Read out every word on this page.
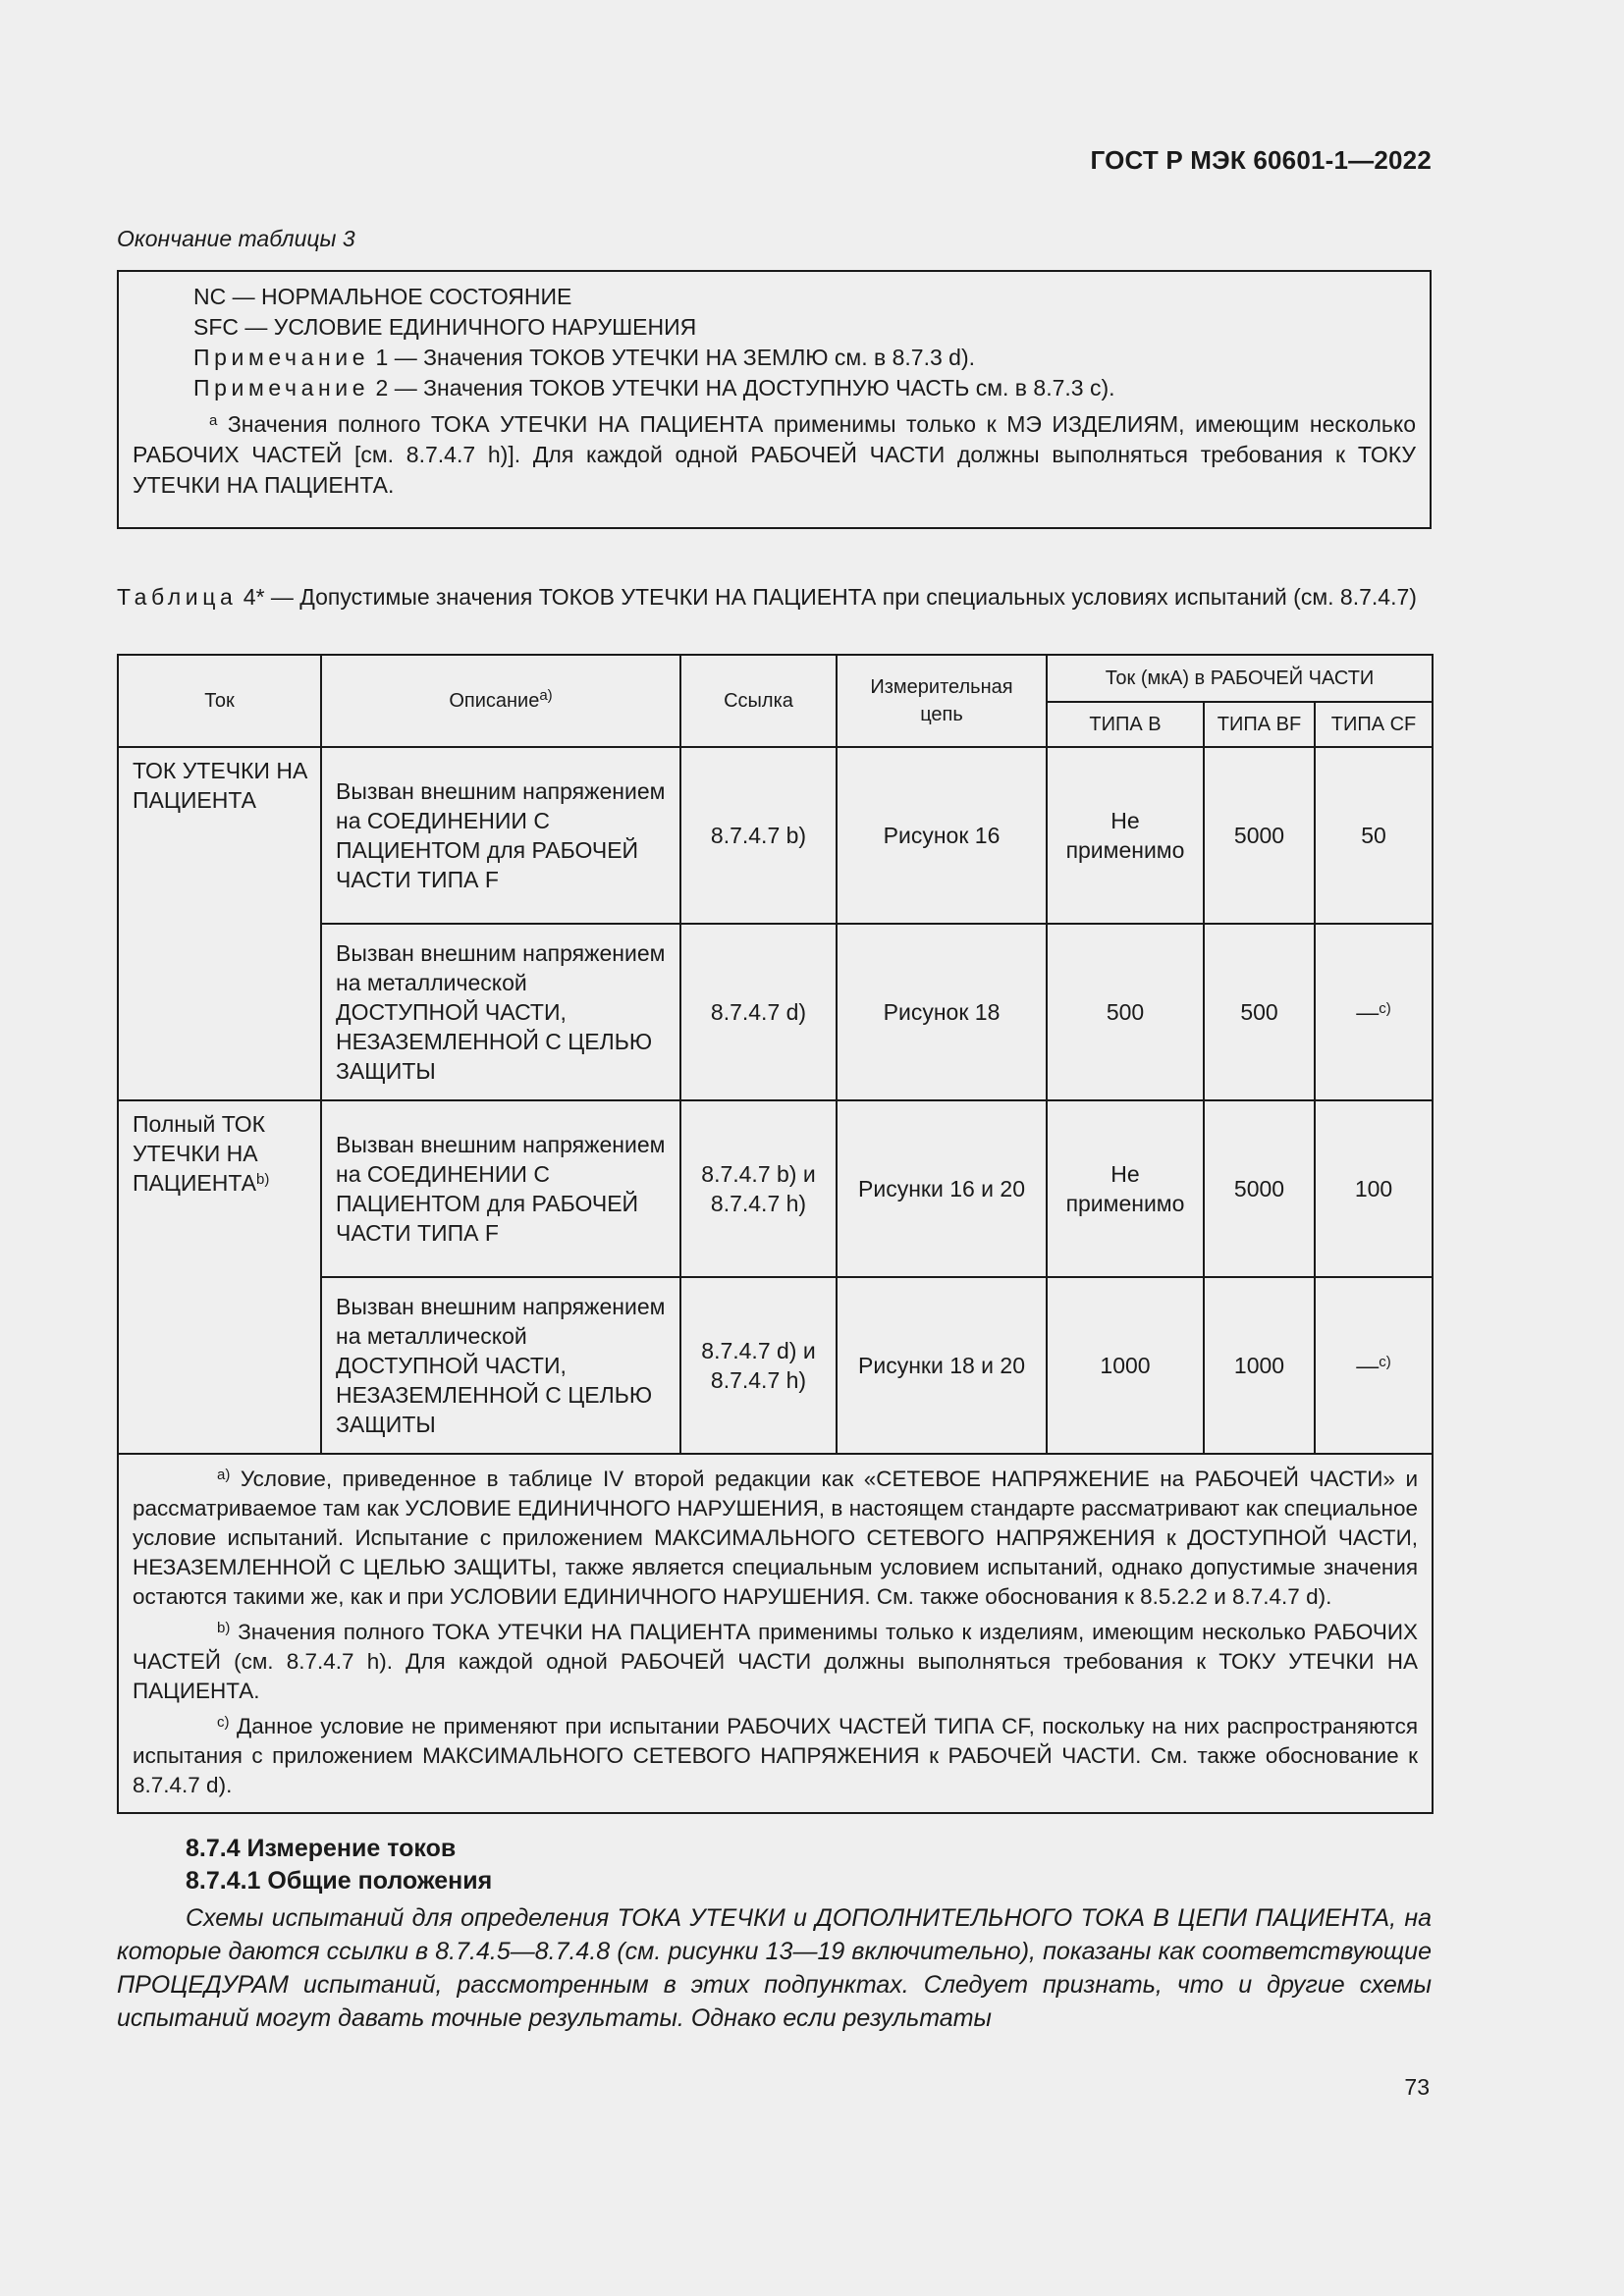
ГОСТ Р МЭК 60601-1—2022
Окончание таблицы 3

NC — НОРМАЛЬНОЕ СОСТОЯНИЕ

SFC — УСЛОВИЕ ЕДИНИЧНОГО НАРУШЕНИЯ

Примечание 1 — Значения ТОКОВ УТЕЧКИ НА ЗЕМЛЮ см. в 8.7.3 d).

Примечание 2 — Значения ТОКОВ УТЕЧКИ НА ДОСТУПНУЮ ЧАСТЬ см. в 8.7.3 с).

$^a$ Значения полного ТОКА УТЕЧКИ НА ПАЦИЕНТА применимы только к МЭ ИЗДЕЛИЯМ, имеющим несколько РАБОЧИХ ЧАСТЕЙ [см. 8.7.4.7 h)]. Для каждой одной РАБОЧЕЙ ЧАСТИ должны выполняться требования к ТОКУ УТЕЧКИ НА ПАЦИЕНТА.

Таблица 4* — Допустимые значения ТОКОВ УТЕЧКИ НА ПАЦИЕНТА при специальных условиях испытаний (см. 8.7.4.7)
Ток	Описание$^{a)}$	Ссылка	Измерительная цепь	Ток (мкА) в РАБОЧЕЙ ЧАСТИ		
				ТИПА B	ТИПА BF	ТИПА CF
ТОК УТЕЧКИ НА ПАЦИЕНТА	Вызван внешним напряжением на СОЕДИНЕНИИ С ПАЦИЕНТОМ для РАБОЧЕЙ ЧАСТИ ТИПА F	8.7.4.7 b)	Рисунок 16	Не применимо	5000	50
	Вызван внешним напряжением на металлической ДОСТУПНОЙ ЧАСТИ, НЕЗАЗЕМЛЕННОЙ С ЦЕЛЬЮ ЗАЩИТЫ	8.7.4.7 d)	Рисунок 18	500	500	—$^{c)}$
Полный ТОК УТЕЧКИ НА ПАЦИЕНТА$^{b)}$	Вызван внешним напряжением на СОЕДИНЕНИИ С ПАЦИЕНТОМ для РАБОЧЕЙ ЧАСТИ ТИПА F	8.7.4.7 b) и 8.7.4.7 h)	Рисунки 16 и 20	Не применимо	5000	100
	Вызван внешним напряжением на металлической ДОСТУПНОЙ ЧАСТИ, НЕЗАЗЕМЛЕННОЙ С ЦЕЛЬЮ ЗАЩИТЫ	8.7.4.7 d) и 8.7.4.7 h)	Рисунки 18 и 20	1000	1000	—$^{c)}$

$^{a)}$ Условие, приведенное в таблице IV второй редакции как «СЕТЕВОЕ НАПРЯЖЕНИЕ на РАБОЧЕЙ ЧАСТИ» и рассматриваемое там как УСЛОВИЕ ЕДИНИЧНОГО НАРУШЕНИЯ, в настоящем стандарте рассматривают как специальное условие испытаний. Испытание с приложением МАКСИМАЛЬНОГО СЕТЕВОГО НАПРЯЖЕНИЯ к ДОСТУПНОЙ ЧАСТИ, НЕЗАЗЕМЛЕННОЙ С ЦЕЛЬЮ ЗАЩИТЫ, также является специальным условием испытаний, однако допустимые значения остаются такими же, как и при УСЛОВИИ ЕДИНИЧНОГО НАРУШЕНИЯ. См. также обоснования к 8.5.2.2 и 8.7.4.7 d).

$^{b)}$ Значения полного ТОКА УТЕЧКИ НА ПАЦИЕНТА применимы только к изделиям, имеющим несколько РАБОЧИХ ЧАСТЕЙ (см. 8.7.4.7 h). Для каждой одной РАБОЧЕЙ ЧАСТИ должны выполняться требования к ТОКУ УТЕЧКИ НА ПАЦИЕНТА.

$^{c)}$ Данное условие не применяют при испытании РАБОЧИХ ЧАСТЕЙ ТИПА CF, поскольку на них распространяются испытания с приложением МАКСИМАЛЬНОГО СЕТЕВОГО НАПРЯЖЕНИЯ к РАБОЧЕЙ ЧАСТИ. См. также обоснование к 8.7.4.7 d).						

8.7.4 Измерение токов

8.7.4.1 Общие положения

Схемы испытаний для определения ТОКА УТЕЧКИ и ДОПОЛНИТЕЛЬНОГО ТОКА В ЦЕПИ ПАЦИЕНТА, на которые даются ссылки в 8.7.4.5—8.7.4.8 (см. рисунки 13—19 включительно), показаны как соответствующие ПРОЦЕДУРАМ испытаний, рассмотренным в этих подпунктах. Следует признать, что и другие схемы испытаний могут давать точные результаты. Однако если результаты

73
